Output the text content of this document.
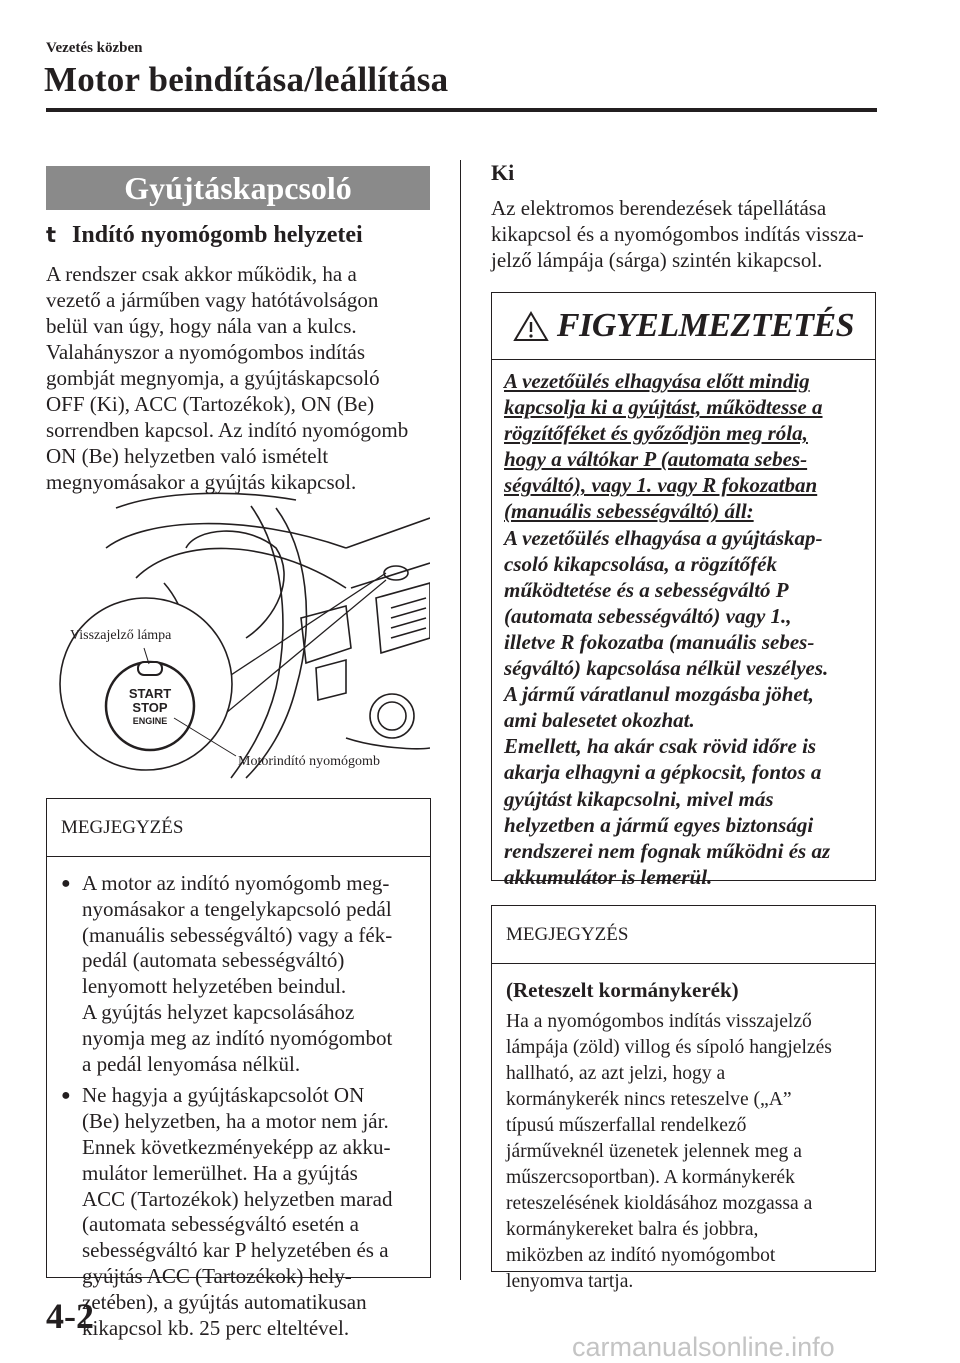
Vezetés közben
Motor beindítása/leállítása
Gyújtáskapcsoló
t Indító nyomógomb helyzetei
A rendszer csak akkor működik, ha a
vezető a járműben vagy hatótávolságon
belül van úgy, hogy nála van a kulcs.
Valahányszor a nyomógombos indítás
gombját megnyomja, a gyújtáskapcsoló
OFF (Ki), ACC (Tartozékok), ON (Be)
sorrendben kapcsol. Az indító nyomógomb
ON (Be) helyzetben való ismételt
megnyomásakor a gyújtás kikapcsol.
START
STOP
ENGINE
Visszajelző lámpa
Motorindító nyomógomb
MEGJEGYZÉS
● A motor az indító nyomógomb meg-
nyomásakor a tengelykapcsoló pedál
(manuális sebességváltó) vagy a fék-
pedál (automata sebességváltó)
lenyomott helyzetében beindul.
A gyújtás helyzet kapcsolásához
nyomja meg az indító nyomógombot
a pedál lenyomása nélkül.
● Ne hagyja a gyújtáskapcsolót ON
(Be) helyzetben, ha a motor nem jár.
Ennek következményeképp az akku-
mulátor lemerülhet. Ha a gyújtás
ACC (Tartozékok) helyzetben marad
(automata sebességváltó esetén a
sebességváltó kar P helyzetében és a
gyújtás ACC (Tartozékok) hely-
zetében), a gyújtás automatikusan
kikapcsol kb. 25 perc elteltével.
Ki
Az elektromos berendezések tápellátása
kikapcsol és a nyomógombos indítás vissza-
jelző lámpája (sárga) szintén kikapcsol.
FIGYELMEZTETÉS
A vezetőülés elhagyása előtt mindig
kapcsolja ki a gyújtást, működtesse a
rögzítőféket és győződjön meg róla,
hogy a váltókar P (automata sebes-
ségváltó), vagy 1. vagy R fokozatban
(manuális sebességváltó) áll:
A vezetőülés elhagyása a gyújtáskap-
csoló kikapcsolása, a rögzítőfék
működtetése és a sebességváltó P
(automata sebességváltó) vagy 1.,
illetve R fokozatba (manuális sebes-
ségváltó) kapcsolása nélkül veszélyes.
A jármű váratlanul mozgásba jöhet,
ami balesetet okozhat.
Emellett, ha akár csak rövid időre is
akarja elhagyni a gépkocsit, fontos a
gyújtást kikapcsolni, mivel más
helyzetben a jármű egyes biztonsági
rendszerei nem fognak működni és az
akkumulátor is lemerül.
MEGJEGYZÉS
(Reteszelt kormánykerék)
Ha a nyomógombos indítás visszajelző
lámpája (zöld) villog és sípoló hangjelzés
hallható, az azt jelzi, hogy a
kormánykerék nincs reteszelve („A”
típusú műszerfallal rendelkező
járműveknél üzenetek jelennek meg a
műszercsoportban). A kormánykerék
reteszelésének kioldásához mozgassa a
kormánykereket balra és jobbra,
miközben az indító nyomógombot
lenyomva tartja.
4-2
carmanualsonline.info
